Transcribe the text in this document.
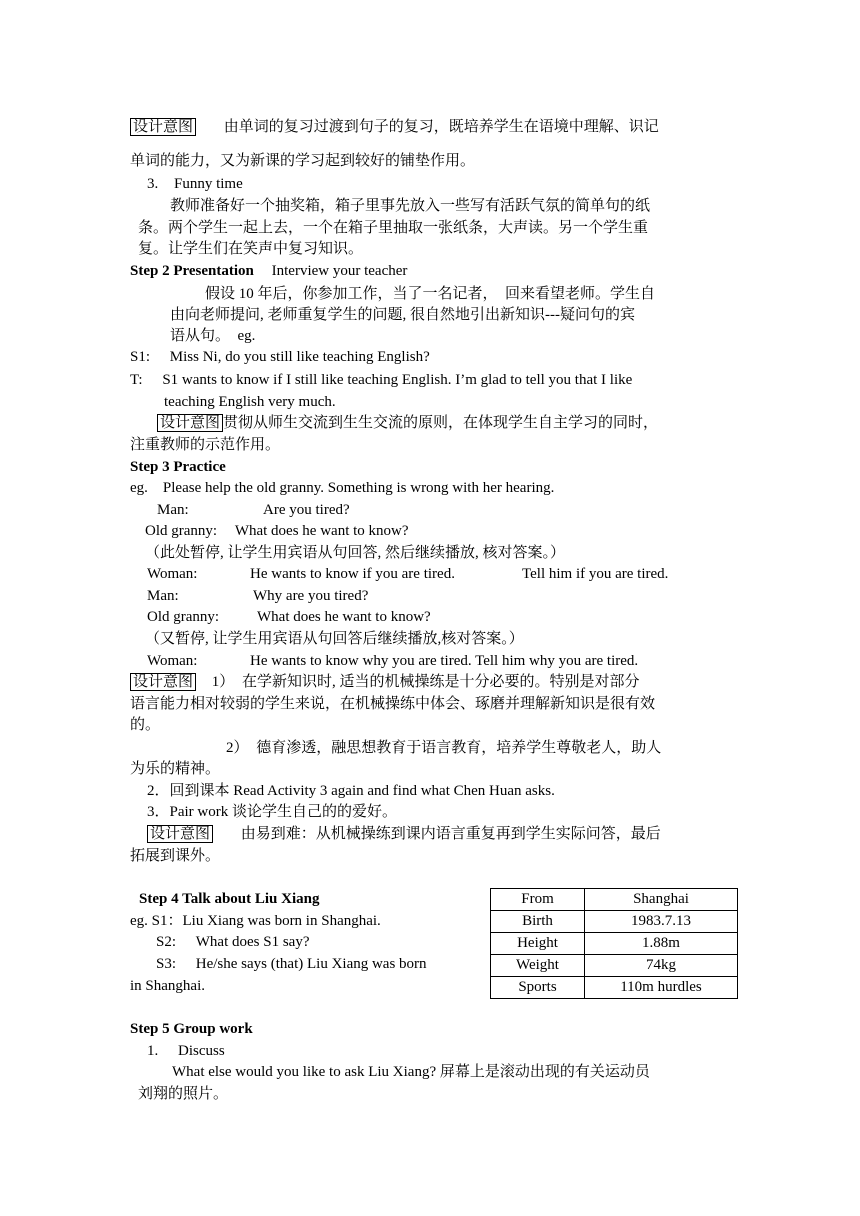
设计意图 由单词的复习过渡到句子的复习，既培养学生在语境中理解、识记
单词的能力，又为新课的学习起到较好的铺垫作用。
3. Funny time
教师准备好一个抽奖箱，箱子里事先放入一些写有活跃气氛的简单句的纸
条。两个学生一起上去，一个在箱子里抽取一张纸条，大声读。另一个学生重
复。让学生们在笑声中复习知识。
Step 2 Presentation Interview your teacher
假设 10 年后，你参加工作，当了一名记者，　回来看望老师。学生自
由向老师提问, 老师重复学生的问题, 很自然地引出新知识---疑问句的宾
语从句。　eg.
S1: Miss Ni, do you still like teaching English?
T: S1 wants to know if I still like teaching English. I’m glad to tell you that I like
teaching English very much.
设计意图 贯彻从师生交流到生生交流的原则，在体现学生自主学习的同时，
注重教师的示范作用。
Step 3 Practice
eg.　Please help the old granny. Something is wrong with her hearing.
Man:	Are you tired?
Old granny: What does he want to know?
（此处暂停, 让学生用宾语从句回答, 然后继续播放, 核对答案。）
Woman:	He wants to know if you are tired.	Tell him if you are tired.
Man:	Why are you tired?
Old granny:	What does he want to know?
（又暂停, 让学生用宾语从句回答后继续播放,核对答案。）
Woman:	He wants to know why you are tired. Tell him why you are tired.
设计意图 1） 在学新知识时, 适当的机械操练是十分必要的。特别是对部分
语言能力相对较弱的学生来说，在机械操练中体会、琢磨并理解新知识是很有效
的。
2） 德育渗透，融思想教育于语言教育，培养学生尊敬老人，助人
为乐的精神。
2．回到课本 Read Activity 3 again and find what Chen Huan asks.
3．Pair work 谈论学生自己的的爱好。
设计意图 由易到难：从机械操练到课内语言重复再到学生实际问答，最后
拓展到课外。
Step 4 Talk about Liu Xiang
eg. S1：Liu Xiang was born in Shanghai.
S2: What does S1 say?
S3: He/she says (that) Liu Xiang was born
in Shanghai.
From	Shanghai
Birth	1983.7.13
Height	1.88m
Weight	74kg
Sports	110m hurdles
Step 5 Group work
1. Discuss
What else would you like to ask Liu Xiang? 屏幕上是滚动出现的有关运动员
刘翔的照片。
